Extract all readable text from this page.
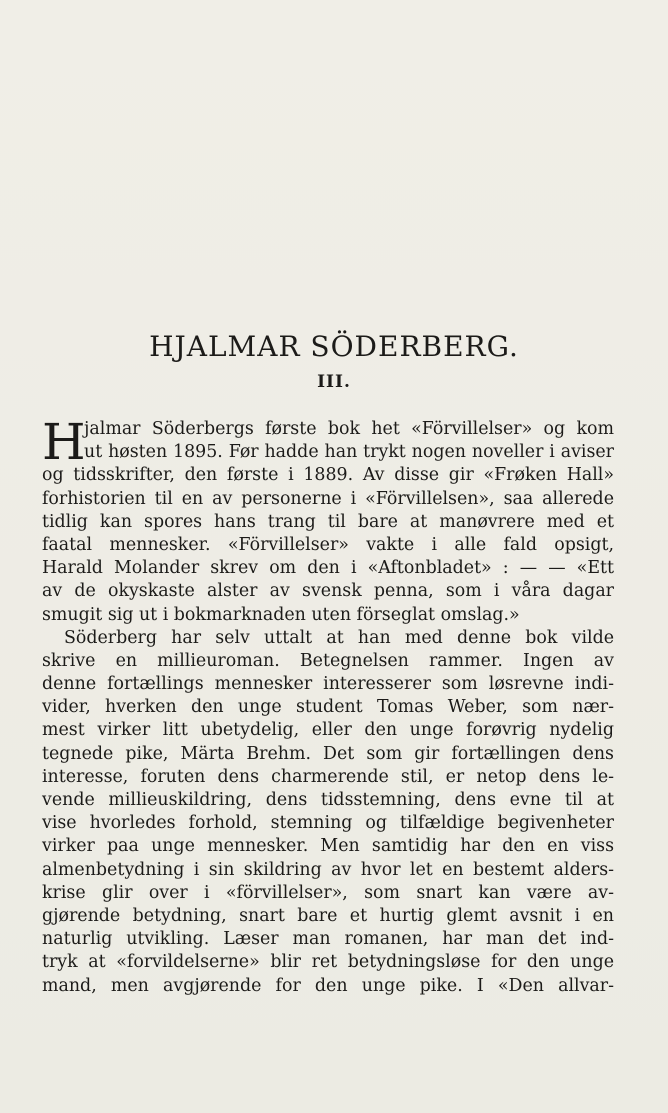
HJALMAR SÖDERBERG.
III.
H
jalmar Söderbergs første bok het «Förvillelser» og kom
ut høsten 1895. Før hadde han trykt nogen noveller i aviser
og tidsskrifter, den første i 1889. Av disse gir «Frøken Hall»
forhistorien til en av personerne i «Förvillelsen», saa allerede
tidlig kan spores hans trang til bare at manøvrere med et
faatal mennesker. «Förvillelser» vakte i alle fald opsigt,
Harald Molander skrev om den i «Aftonbladet» : — — «Ett
av de okyskaste alster av svensk penna, som i våra dagar
smugit sig ut i bokmarknaden uten förseglat omslag.»
Söderberg har selv uttalt at han med denne bok vilde
skrive en millieuroman. Betegnelsen rammer. Ingen av
denne fortællings mennesker interesserer som løsrevne indi-
vider, hverken den unge student Tomas Weber, som nær-
mest virker litt ubetydelig, eller den unge forøvrig nydelig
tegnede pike, Märta Brehm. Det som gir fortællingen dens
interesse, foruten dens charmerende stil, er netop dens le-
vende millieuskildring, dens tidsstemning, dens evne til at
vise hvorledes forhold, stemning og tilfældige begivenheter
virker paa unge mennesker. Men samtidig har den en viss
almenbetydning i sin skildring av hvor let en bestemt alders-
krise glir over i «förvillelser», som snart kan være av-
gjørende betydning, snart bare et hurtig glemt avsnit i en
naturlig utvikling. Læser man romanen, har man det ind-
tryk at «forvildelserne» blir ret betydningsløse for den unge
mand, men avgjørende for den unge pike. I «Den allvar-
